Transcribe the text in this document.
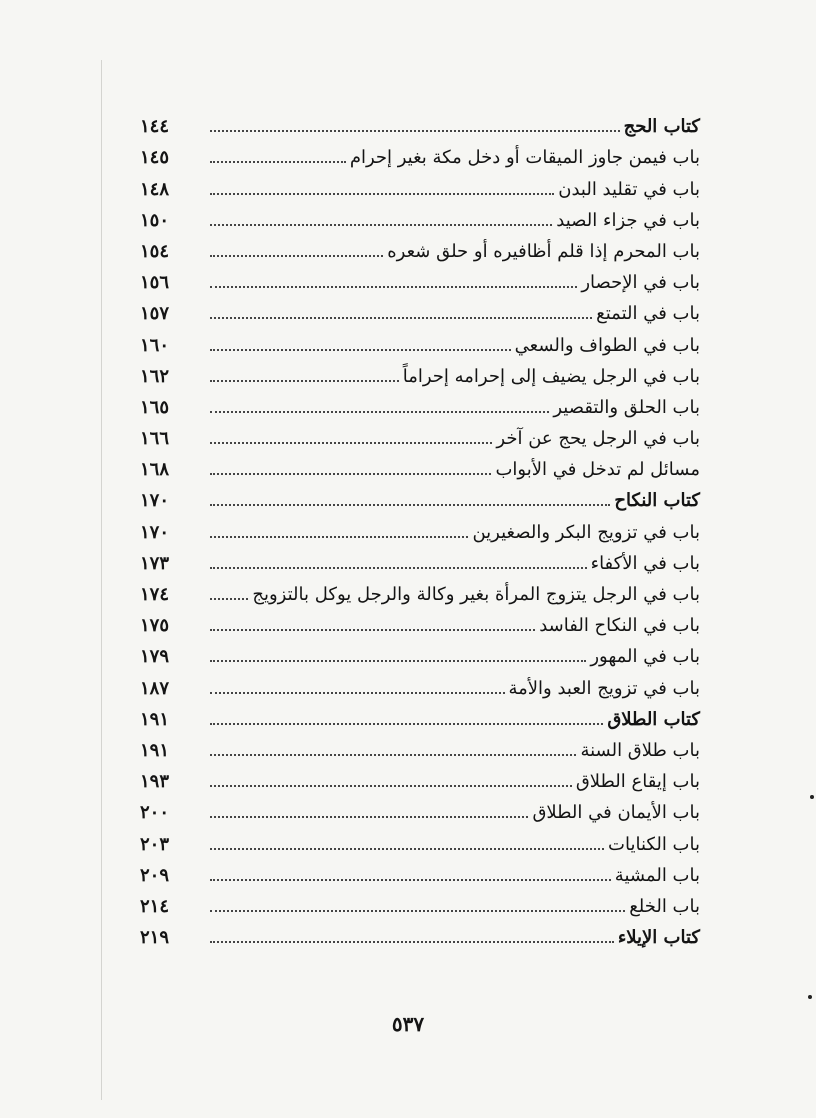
كتاب الحج
١٤٤
باب فيمن جاوز الميقات أو دخل مكة بغير إحرام
١٤٥
باب في تقليد البدن
١٤٨
باب في جزاء الصيد
١٥٠
باب المحرم إذا قلم أظافيره أو حلق شعره
١٥٤
باب في الإحصار
١٥٦
باب في التمتع
١٥٧
باب في الطواف والسعي
١٦٠
باب في الرجل يضيف إلى إحرامه إحراماً
١٦٢
باب الحلق والتقصير
١٦٥
باب في الرجل يحج عن آخر
١٦٦
مسائل لم تدخل في الأبواب
١٦٨
كتاب النكاح
١٧٠
باب في تزويج البكر والصغيرين
١٧٠
باب في الأكفاء
١٧٣
باب في الرجل يتزوج المرأة بغير وكالة والرجل يوكل بالتزويج
١٧٤
باب في النكاح الفاسد
١٧٥
باب في المهور
١٧٩
باب في تزويج العبد والأمة
١٨٧
كتاب الطلاق
١٩١
باب طلاق السنة
١٩١
باب إيقاع الطلاق
١٩٣
باب الأيمان في الطلاق
٢٠٠
باب الكنايات
٢٠٣
باب المشية
٢٠٩
باب الخلع
٢١٤
كتاب الإيلاء
٢١٩
٥٣٧
